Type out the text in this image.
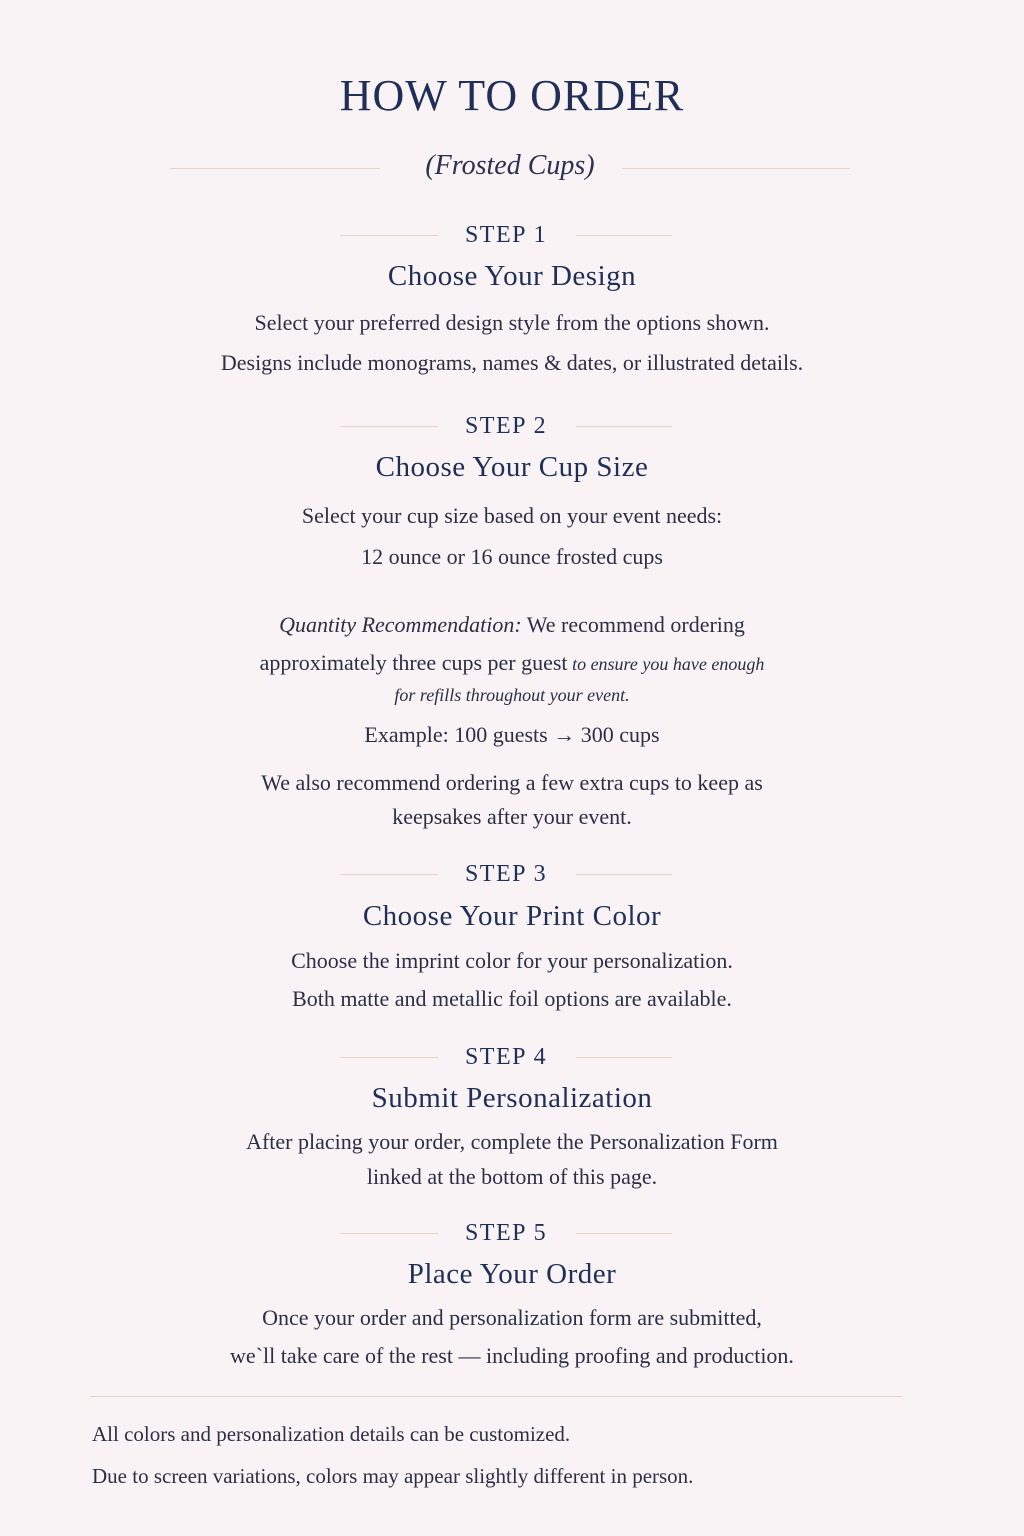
HOW TO ORDER
(Frosted Cups)
STEP 1
Choose Your Design
Select your preferred design style from the options shown.
Designs include monograms, names & dates, or illustrated details.
STEP 2
Choose Your Cup Size
Select your cup size based on your event needs:
12 ounce or 16 ounce frosted cups
Quantity Recommendation: We recommend ordering
approximately three cups per guest to ensure you have enough
for refills throughout your event.
Example: 100 guests → 300 cups
We also recommend ordering a few extra cups to keep as
keepsakes after your event.
STEP 3
Choose Your Print Color
Choose the imprint color for your personalization.
Both matte and metallic foil options are available.
STEP 4
Submit Personalization
After placing your order, complete the Personalization Form
linked at the bottom of this page.
STEP 5
Place Your Order
Once your order and personalization form are submitted,
we`ll take care of the rest — including proofing and production.
All colors and personalization details can be customized.
Due to screen variations, colors may appear slightly different in person.
